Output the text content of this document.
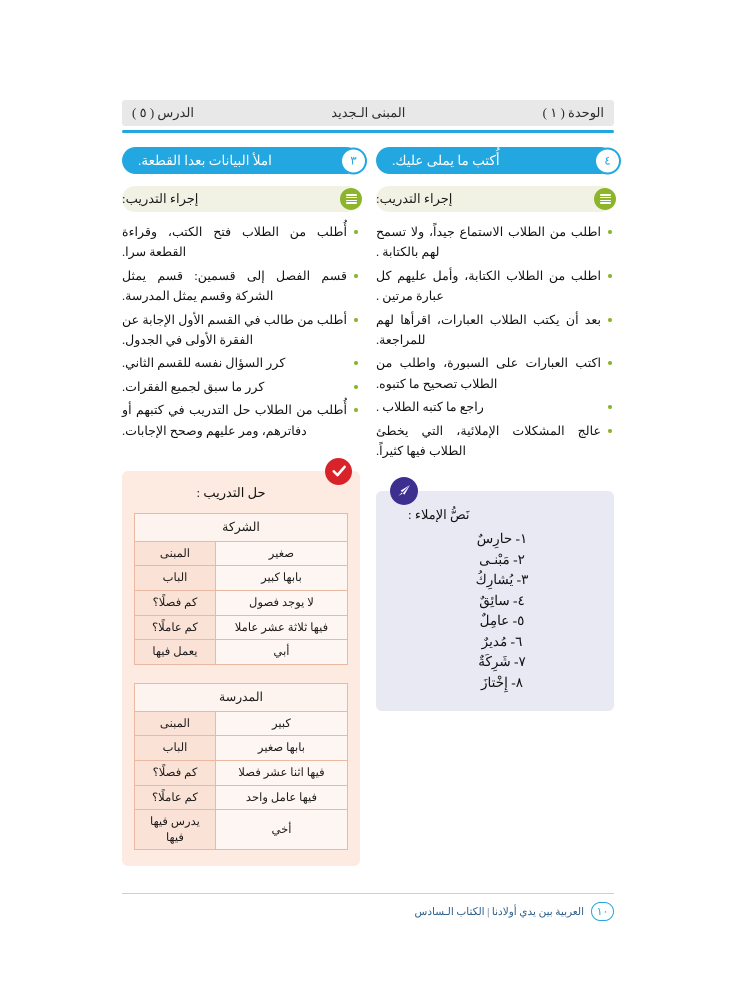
الوحدة ( ١ )
المبنى الـجديد
الدرس ( ٥ )
أُكتب ما يملى عليك.	٤
إجراء التدريب:
اطلب من الطلاب الاستماع جيداً، ولا تسمح لهم بالكتابة .
اطلب من الطلاب الكتابة، وأمل عليهم كل عبارة مرتين .
بعد أن يكتب الطلاب العبارات، اقرأها لهم للمراجعة.
اكتب العبارات على السبورة، واطلب من الطلاب تصحيح ما كتبوه.
راجع ما كتبه الطلاب .
عالج المشكلات الإملائية، التي يخطئ الطلاب فيها كثيراً.
نَصُّ الإملاء :
١- حارِسٌ
٢- مَبْنـى
٣- يُشارِكُ
٤- سائِقٌ
٥- عامِلٌ
٦- مُديرٌ
٧- شَرِكَةٌ
٨- إِخْتازَ
املأ البيانات بعدا القطعة.	٣
إجراء التدريب:
أُطلب من الطلاب فتح الكتب، وقراءة القطعة سرا.
قسم الفصل إلى قسمين: قسم يمثل الشركة وقسم يمثل المدرسة.
أطلب من طالب في القسم الأول الإجابة عن الفقرة الأولى في الجدول.
كرر السؤال نفسه للقسم الثاني.
كرر ما سبق لجميع الفقرات.
أُطلب من الطلاب حل التدريب في كتبهم أو دفاترهم، ومر عليهم وصحح الإجابات.
حل التدريب :
الشركة	
صغير	المبنى
بابها كبير	الباب
لا يوجد فصول	كم فصلًا؟
فيها ثلاثة عشر عاملا	كم عاملًا؟
أبي	يعمل فيها
المدرسة	
كبير	المبنى
بابها صغير	الباب
فيها اثنا عشر فصلا	كم فصلًا؟
فيها عامل واحد	كم عاملًا؟
أخي	يدرس فيها فيها
١٠
العربية بين يدي أولادنا | الكتاب الـسادس
